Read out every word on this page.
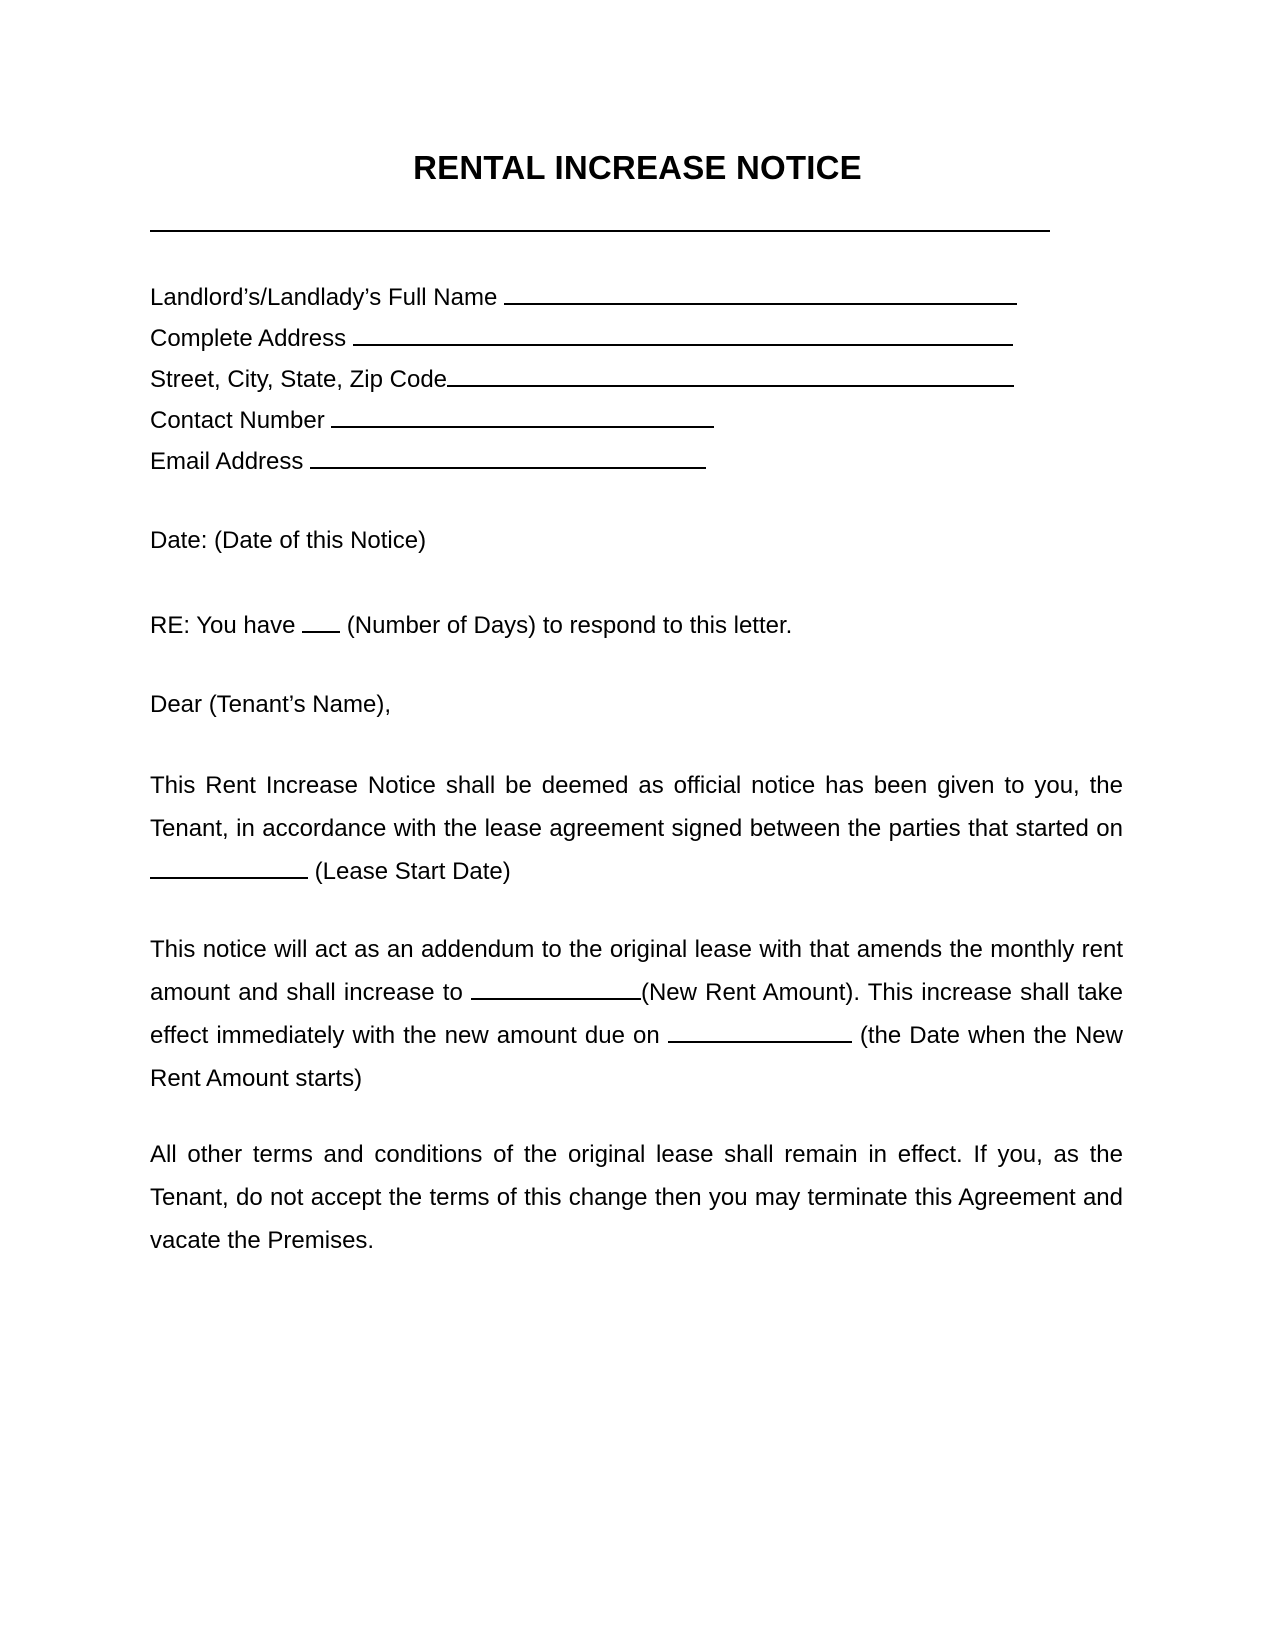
RENTAL INCREASE NOTICE
Landlord’s/Landlady’s Full Name
Complete Address
Street, City, State, Zip Code
Contact Number
Email Address
Date: (Date of this Notice)
RE: You have (Number of Days) to respond to this letter.
Dear (Tenant’s Name),
This Rent Increase Notice shall be deemed as official notice has been given to you, the Tenant, in accordance with the lease agreement signed between the parties that started on  (Lease Start Date)
This notice will act as an addendum to the original lease with that amends the monthly rent amount and shall increase to	(New Rent Amount). This increase shall take effect immediately with the new amount due on	(the Date when the New Rent Amount starts)
All other terms and conditions of the original lease shall remain in effect. If you, as the Tenant, do not accept the terms of this change then you may terminate this Agreement and vacate the Premises.
